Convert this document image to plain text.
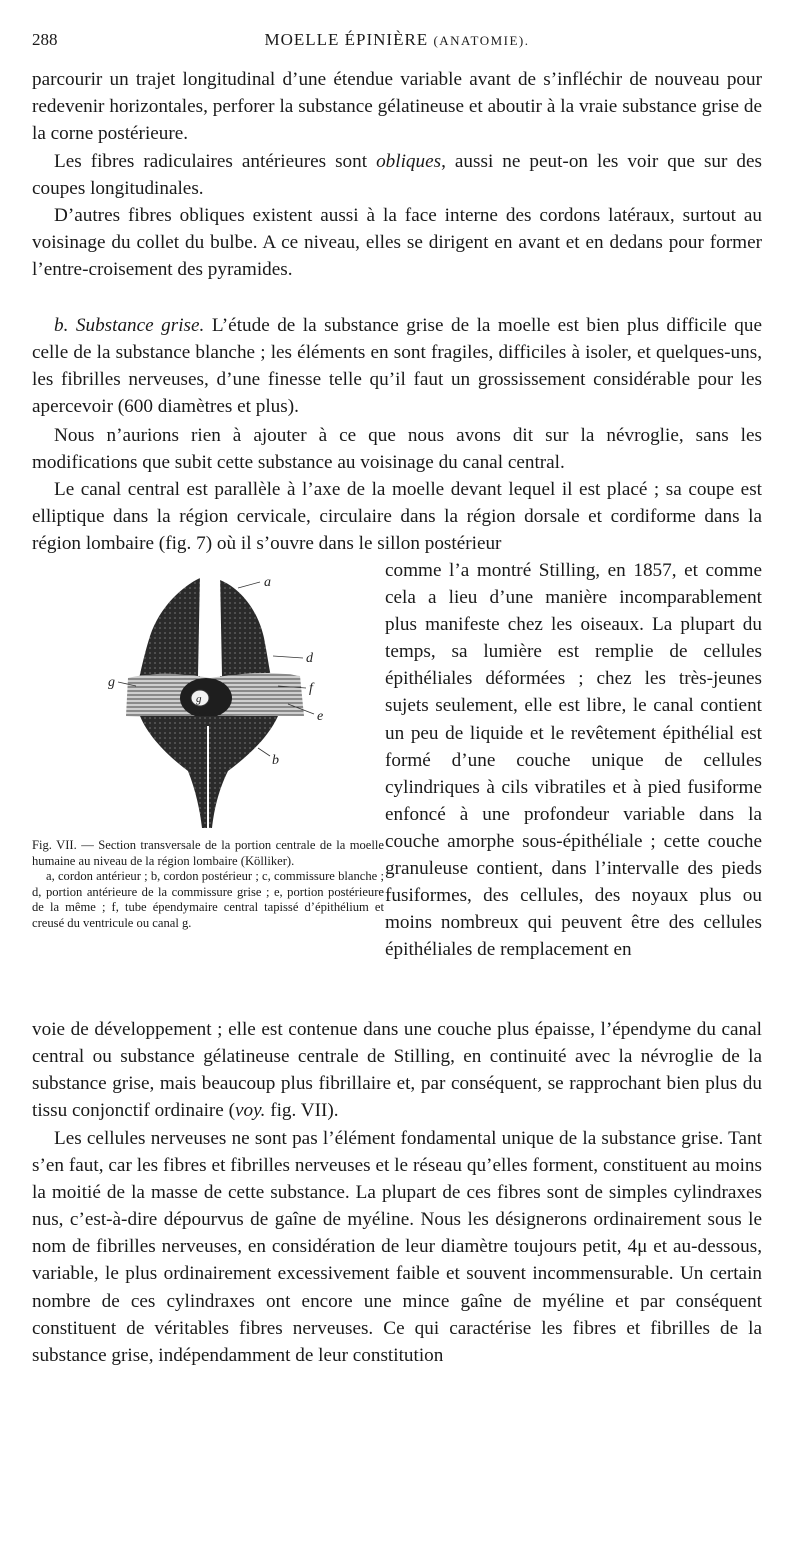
288	MOELLE ÉPINIÈRE (ANATOMIE).

parcourir un trajet longitudinal d’une étendue variable avant de s’infléchir de nouveau pour redevenir horizontales, perforer la substance gélatineuse et aboutir à la vraie substance grise de la corne postérieure.

Les fibres radiculaires antérieures sont obliques, aussi ne peut-on les voir que sur des coupes longitudinales.

D’autres fibres obliques existent aussi à la face interne des cordons latéraux, surtout au voisinage du collet du bulbe. A ce niveau, elles se dirigent en avant et en dedans pour former l’entre-croisement des pyramides.

b. Substance grise. L’étude de la substance grise de la moelle est bien plus difficile que celle de la substance blanche ; les éléments en sont fragiles, difficiles à isoler, et quelques-uns, les fibrilles nerveuses, d’une finesse telle qu’il faut un grossissement considérable pour les apercevoir (600 diamètres et plus).

Nous n’aurions rien à ajouter à ce que nous avons dit sur la névroglie, sans les modifications que subit cette substance au voisinage du canal central.

Le canal central est parallèle à l’axe de la moelle devant lequel il est placé ; sa coupe est elliptique dans la région cervicale, circulaire dans la région dorsale et cordiforme dans la région lombaire (fig. 7) où il s’ouvre dans le sillon postérieur

comme l’a montré Stilling, en 1857, et comme cela a lieu d’une manière incomparablement plus manifeste chez les oiseaux. La plupart du temps, sa lumière est remplie de cellules épithéliales déformées ; chez les très-jeunes sujets seulement, elle est libre, le canal contient un peu de liquide et le revêtement épithélial est formé d’une couche unique de cellules cylindriques à cils vibratiles et à pied fusiforme enfoncé à une profondeur variable dans la couche amorphe sous-épithéliale ; cette couche granuleuse contient, dans l’intervalle des pieds fusiformes, des cellules, des noyaux plus ou moins nombreux qui peuvent être des cellules épithéliales de remplacement en

voie de développement ; elle est contenue dans une couche plus épaisse, l’épendyme du canal central ou substance gélatineuse centrale de Stilling, en continuité avec la névroglie de la substance grise, mais beaucoup plus fibrillaire et, par conséquent, se rapprochant bien plus du tissu conjonctif ordinaire (voy. fig. VII).

Les cellules nerveuses ne sont pas l’élément fondamental unique de la substance grise. Tant s’en faut, car les fibres et fibrilles nerveuses et le réseau qu’elles forment, constituent au moins la moitié de la masse de cette substance. La plupart de ces fibres sont de simples cylindraxes nus, c’est-à-dire dépourvus de gaîne de myéline. Nous les désignerons ordinairement sous le nom de fibrilles nerveuses, en considération de leur diamètre toujours petit, 4μ et au-dessous, variable, le plus ordinairement excessivement faible et souvent incommensurable. Un certain nombre de ces cylindraxes ont encore une mince gaîne de myéline et par conséquent constituent de véritables fibres nerveuses. Ce qui caractérise les fibres et fibrilles de la substance grise, indépendamment de leur constitution

a
d
f
e
b
g
g

Fig. VII. — Section transversale de la portion centrale de la moelle humaine au niveau de la région lombaire (Kölliker).

a, cordon antérieur ; b, cordon postérieur ; c, commissure blanche ; d, portion antérieure de la commissure grise ; e, portion postérieure de la même ; f, tube épendymaire central tapissé d’épithélium et creusé du ventricule ou canal g.
